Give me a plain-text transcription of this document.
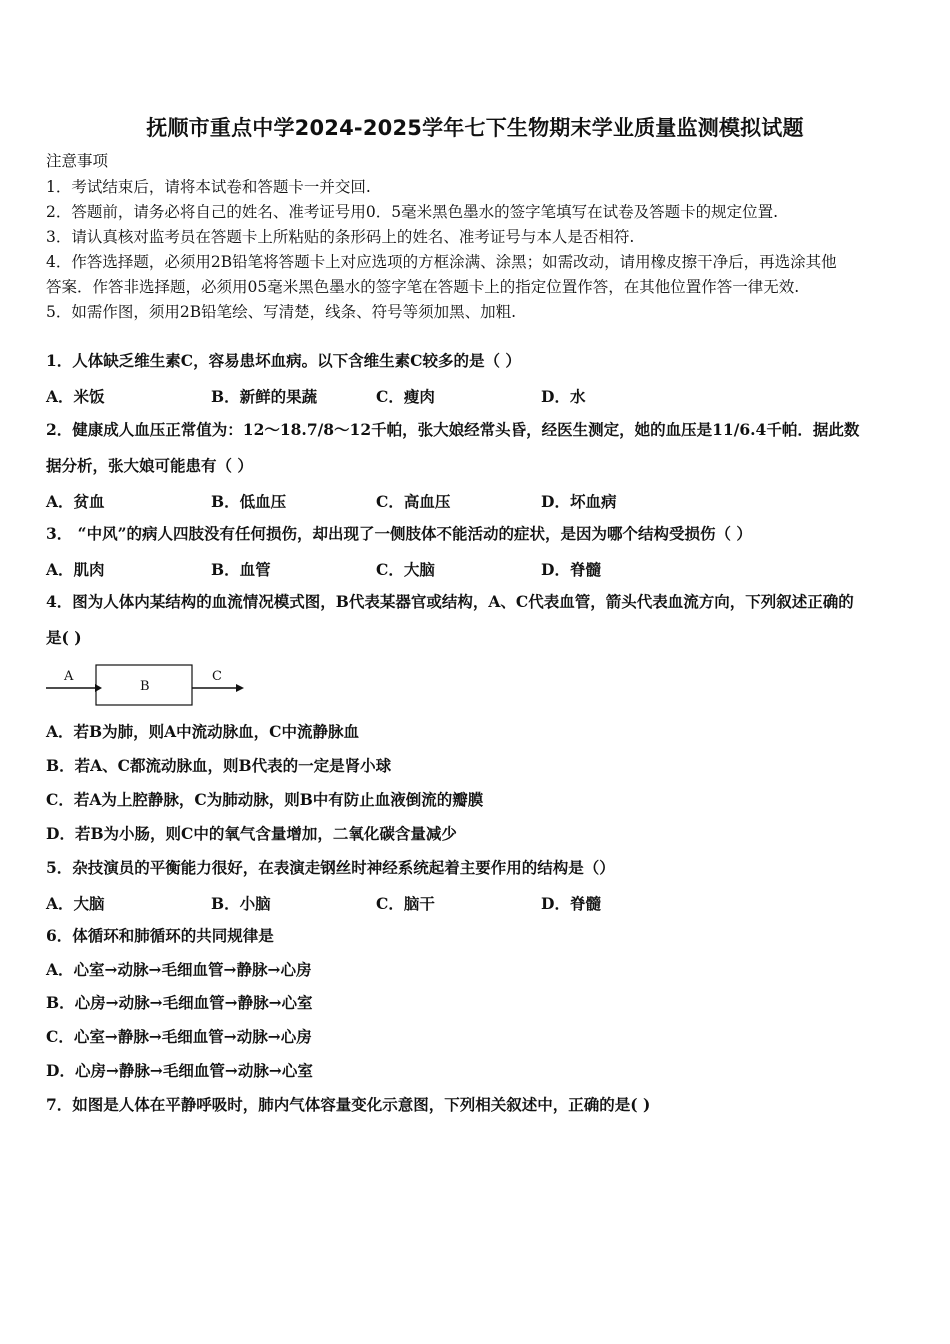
抚顺市重点中学2024-2025学年七下生物期末学业质量监测模拟试题
注意事项
1．考试结束后，请将本试卷和答题卡一并交回.
2．答题前，请务必将自己的姓名、准考证号用0．5毫米黑色墨水的签字笔填写在试卷及答题卡的规定位置.
3．请认真核对监考员在答题卡上所粘贴的条形码上的姓名、准考证号与本人是否相符.
4．作答选择题，必须用2B铅笔将答题卡上对应选项的方框涂满、涂黑；如需改动，请用橡皮擦干净后，再选涂其他
答案．作答非选择题，必须用05毫米黑色墨水的签字笔在答题卡上的指定位置作答，在其他位置作答一律无效.
5．如需作图，须用2B铅笔绘、写清楚，线条、符号等须加黑、加粗.
1．人体缺乏维生素C，容易患坏血病。以下含维生素C较多的是（ ）
A．米饭	B．新鲜的果蔬	C．瘦肉	D．水
2．健康成人血压正常值为：12～18.7/8～12千帕，张大娘经常头昏，经医生测定，她的血压是11/6.4千帕．据此数
据分析，张大娘可能患有（ ）
A．贫血	B．低血压	C．高血压	D．坏血病
3． “中风”的病人四肢没有任何损伤，却出现了一侧肢体不能活动的症状，是因为哪个结构受损伤（ ）
A．肌肉	B．血管	C．大脑	D．脊髓
4．图为人体内某结构的血流情况模式图，B代表某器官或结构，A、C代表血管，箭头代表血流方向，下列叙述正确的
是( )
A
B
C
A．若B为肺，则A中流动脉血，C中流静脉血
B．若A、C都流动脉血，则B代表的一定是肾小球
C．若A为上腔静脉，C为肺动脉，则B中有防止血液倒流的瓣膜
D．若B为小肠，则C中的氧气含量增加，二氧化碳含量减少
5．杂技演员的平衡能力很好，在表演走钢丝时神经系统起着主要作用的结构是（）
A．大脑	B．小脑	C．脑干	D．脊髓
6．体循环和肺循环的共同规律是
A．心室→动脉→毛细血管→静脉→心房
B．心房→动脉→毛细血管→静脉→心室
C．心室→静脉→毛细血管→动脉→心房
D．心房→静脉→毛细血管→动脉→心室
7．如图是人体在平静呼吸时，肺内气体容量变化示意图，下列相关叙述中，正确的是( )
